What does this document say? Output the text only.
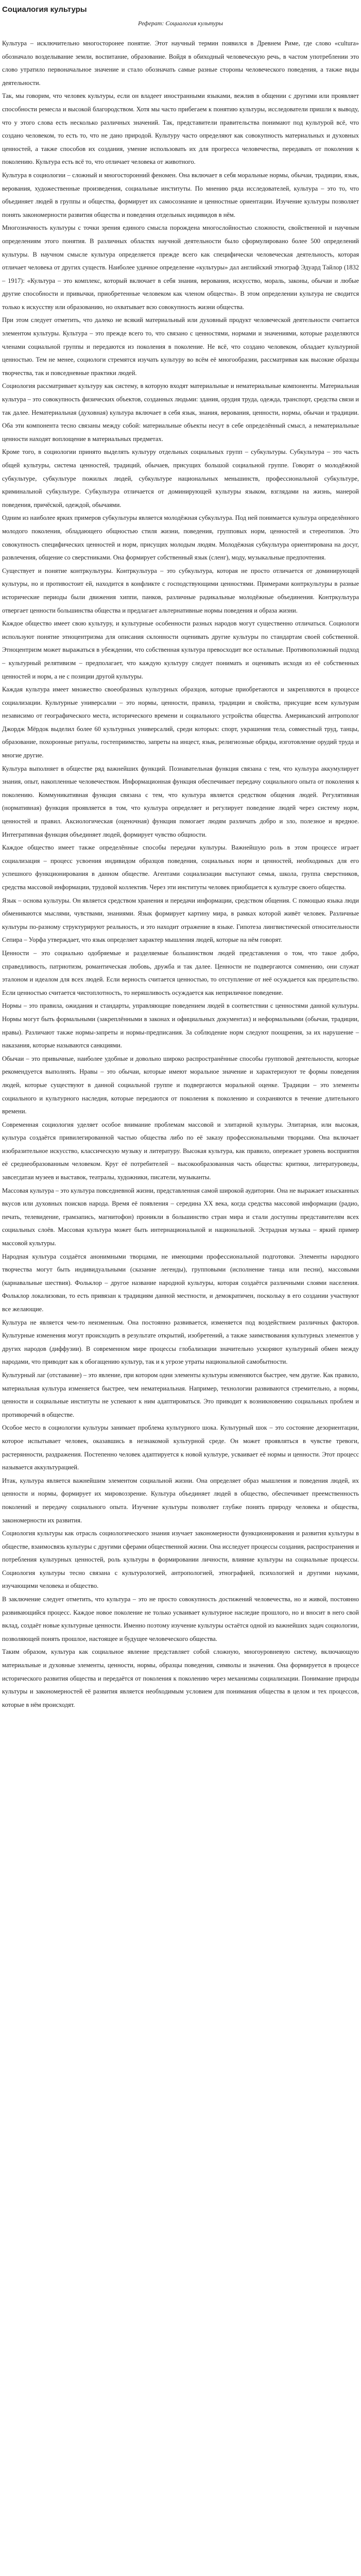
Социалогия культуры
Реферат: Социалогия культуры

Культура – исключительно многосторонее понятие. Этот научный термин появился в Древнем Риме, где слово «cultura» обозначало возделывание земли, воспитание, образование. Войдя в обиходный человеческую речь, в частом употреблении это слово утратило первоначальное значение и стало обозначать самые разные стороны человеческого поведения, а также виды деятельности.

Так, мы говорим, что человек культуры, если он владеет иностранными языками, вежлив в общении с другими или проявляет способности ремесла и высокой благородством. Хотя мы часто прибегаем к понятию культуры, исследователи пришли к выводу, что у этого слова есть несколько различных значений. Так, представители правительства понимают под культурой всё, что создано человеком, то есть то, что не дано природой. Культуру часто определяют как совокупность материальных и духовных ценностей, а также способов их создания, умение использовать их для прогресса человечества, передавать от поколения к поколению. Культура есть всё то, что отличает человека от животного.

Культура в социологии – сложный и многосторонний феномен. Она включает в себя моральные нормы, обычаи, традиции, язык, верования, художественные произведения, социальные институты. По мнению ряда исследователей, культура – это то, что объединяет людей в группы и общества, формирует их самосознание и ценностные ориентации. Изучение культуры позволяет понять закономерности развития общества и поведения отдельных индивидов в нём.

Многозначность культуры с точки зрения единого смысла порождена многослойностью сложности, свойственной и научным определениям этого понятия. В различных областях научной деятельности было сформулировано более 500 определений культуры. В научном смысле культура определяется прежде всего как специфически человеческая деятельность, которая отличает человека от других существ. Наиболее удачное определение «культуры» дал английский этнограф Эдуард Тайлор (1832 – 1917): «Культура – это комплекс, который включает в себя знания, верования, искусство, мораль, законы, обычаи и любые другие способности и привычки, приобретенные человеком как членом общества». В этом определении культура не сводится только к искусству или образованию, но охватывает всю совокупность жизни общества.

При этом следует отметить, что далеко не всякий материальный или духовный продукт человеческой деятельности считается элементом культуры. Культура – это прежде всего то, что связано с ценностями, нормами и значениями, которые разделяются членами социальной группы и передаются из поколения в поколение. Не всё, что создано человеком, обладает культурной ценностью. Тем не менее, социологи стремятся изучать культуру во всём её многообразии, рассматривая как высокие образцы творчества, так и повседневные практики людей.

Социология рассматривает культуру как систему, в которую входят материальные и нематериальные компоненты. Материальная культура – это совокупность физических объектов, созданных людьми: здания, орудия труда, одежда, транспорт, средства связи и так далее. Нематериальная (духовная) культура включает в себя язык, знания, верования, ценности, нормы, обычаи и традиции. Оба эти компонента тесно связаны между собой: материальные объекты несут в себе определённый смысл, а нематериальные ценности находят воплощение в материальных предметах.

Кроме того, в социологии принято выделять культуру отдельных социальных групп – субкультуры. Субкультура – это часть общей культуры, система ценностей, традиций, обычаев, присущих большой социальной группе. Говорят о молодёжной субкультуре, субкультуре пожилых людей, субкультуре национальных меньшинств, профессиональной субкультуре, криминальной субкультуре. Субкультура отличается от доминирующей культуры языком, взглядами на жизнь, манерой поведения, причёской, одеждой, обычаями.

Одним из наиболее ярких примеров субкультуры является молодёжная субкультура. Под ней понимается культура определённого молодого поколения, обладающего общностью стиля жизни, поведения, групповых норм, ценностей и стереотипов. Это совокупность специфических ценностей и норм, присущих молодым людям. Молодёжная субкультура ориентирована на досуг, развлечения, общение со сверстниками. Она формирует собственный язык (сленг), моду, музыкальные предпочтения.

Существует и понятие контркультуры. Контркультура – это субкультура, которая не просто отличается от доминирующей культуры, но и противостоит ей, находится в конфликте с господствующими ценностями. Примерами контркультуры в разные исторические периоды были движения хиппи, панков, различные радикальные молодёжные объединения. Контркультура отвергает ценности большинства общества и предлагает альтернативные нормы поведения и образа жизни.

Каждое общество имеет свою культуру, и культурные особенности разных народов могут существенно отличаться. Социологи используют понятие этноцентризма для описания склонности оценивать другие культуры по стандартам своей собственной. Этноцентризм может выражаться в убеждении, что собственная культура превосходит все остальные. Противоположный подход – культурный релятивизм – предполагает, что каждую культуру следует понимать и оценивать исходя из её собственных ценностей и норм, а не с позиции другой культуры.

Каждая культура имеет множество своеобразных культурных образцов, которые приобретаются и закрепляются в процессе социализации. Культурные универсалии – это нормы, ценности, правила, традиции и свойства, присущие всем культурам независимо от географического места, исторического времени и социального устройства общества. Американский антрополог Джордж Мёрдок выделил более 60 культурных универсалий, среди которых: спорт, украшения тела, совместный труд, танцы, образование, похоронные ритуалы, гостеприимство, запреты на инцест, язык, религиозные обряды, изготовление орудий труда и многие другие.

Культура выполняет в обществе ряд важнейших функций. Познавательная функция связана с тем, что культура аккумулирует знания, опыт, накопленные человечеством. Информационная функция обеспечивает передачу социального опыта от поколения к поколению. Коммуникативная функция связана с тем, что культура является средством общения людей. Регулятивная (нормативная) функция проявляется в том, что культура определяет и регулирует поведение людей через систему норм, ценностей и правил. Аксиологическая (оценочная) функция помогает людям различать добро и зло, полезное и вредное. Интегративная функция объединяет людей, формирует чувство общности.

Каждое общество имеет также определённые способы передачи культуры. Важнейшую роль в этом процессе играет социализация – процесс усвоения индивидом образцов поведения, социальных норм и ценностей, необходимых для его успешного функционирования в данном обществе. Агентами социализации выступают семья, школа, группа сверстников, средства массовой информации, трудовой коллектив. Через эти институты человек приобщается к культуре своего общества.

Язык – основа культуры. Он является средством хранения и передачи информации, средством общения. С помощью языка люди обмениваются мыслями, чувствами, знаниями. Язык формирует картину мира, в рамках которой живёт человек. Различные культуры по-разному структурируют реальность, и это находит отражение в языке. Гипотеза лингвистической относительности Сепира – Уорфа утверждает, что язык определяет характер мышления людей, которые на нём говорят.

Ценности – это социально одобряемые и разделяемые большинством людей представления о том, что такое добро, справедливость, патриотизм, романтическая любовь, дружба и так далее. Ценности не подвергаются сомнению, они служат эталоном и идеалом для всех людей. Если верность считается ценностью, то отступление от неё осуждается как предательство. Если ценностью считается чистоплотность, то неряшливость осуждается как неприличное поведение.

Нормы – это правила, ожидания и стандарты, управляющие поведением людей в соответствии с ценностями данной культуры. Нормы могут быть формальными (закреплёнными в законах и официальных документах) и неформальными (обычаи, традиции, нравы). Различают также нормы-запреты и нормы-предписания. За соблюдение норм следуют поощрения, за их нарушение – наказания, которые называются санкциями.

Обычаи – это привычные, наиболее удобные и довольно широко распространённые способы групповой деятельности, которые рекомендуется выполнять. Нравы – это обычаи, которые имеют моральное значение и характеризуют те формы поведения людей, которые существуют в данной социальной группе и подвергаются моральной оценке. Традиции – это элементы социального и культурного наследия, которые передаются от поколения к поколению и сохраняются в течение длительного времени.

Современная социология уделяет особое внимание проблемам массовой и элитарной культуры. Элитарная, или высокая, культура создаётся привилегированной частью общества либо по её заказу профессиональными творцами. Она включает изобразительное искусство, классическую музыку и литературу. Высокая культура, как правило, опережает уровень восприятия её среднеобразованным человеком. Круг её потребителей – высокообразованная часть общества: критики, литературоведы, завсегдатаи музеев и выставок, театралы, художники, писатели, музыканты.

Массовая культура – это культура повседневной жизни, представленная самой широкой аудитории. Она не выражает изысканных вкусов или духовных поисков народа. Время её появления – середина ХХ века, когда средства массовой информации (радио, печать, телевидение, грамзапись, магнитофон) проникли в большинство стран мира и стали доступны представителям всех социальных слоёв. Массовая культура может быть интернациональной и национальной. Эстрадная музыка – яркий пример массовой культуры.

Народная культура создаётся анонимными творцами, не имеющими профессиональной подготовки. Элементы народного творчества могут быть индивидуальными (сказание легенды), групповыми (исполнение танца или песни), массовыми (карнавальные шествия). Фольклор – другое название народной культуры, которая создаётся различными слоями населения. Фольклор локализован, то есть привязан к традициям данной местности, и демократичен, поскольку в его создании участвуют все желающие.

Культура не является чем-то неизменным. Она постоянно развивается, изменяется под воздействием различных факторов. Культурные изменения могут происходить в результате открытий, изобретений, а также заимствования культурных элементов у других народов (диффузии). В современном мире процессы глобализации значительно ускоряют культурный обмен между народами, что приводит как к обогащению культур, так и к угрозе утраты национальной самобытности.

Культурный лаг (отставание) – это явление, при котором одни элементы культуры изменяются быстрее, чем другие. Как правило, материальная культура изменяется быстрее, чем нематериальная. Например, технологии развиваются стремительно, а нормы, ценности и социальные институты не успевают к ним адаптироваться. Это приводит к возникновению социальных проблем и противоречий в обществе.

Особое место в социологии культуры занимает проблема культурного шока. Культурный шок – это состояние дезориентации, которое испытывает человек, оказавшись в незнакомой культурной среде. Он может проявляться в чувстве тревоги, растерянности, раздражения. Постепенно человек адаптируется к новой культуре, усваивает её нормы и ценности. Этот процесс называется аккультурацией.

Итак, культура является важнейшим элементом социальной жизни. Она определяет образ мышления и поведения людей, их ценности и нормы, формирует их мировоззрение. Культура объединяет людей в общество, обеспечивает преемственность поколений и передачу социального опыта. Изучение культуры позволяет глубже понять природу человека и общества, закономерности их развития.

Социология культуры как отрасль социологического знания изучает закономерности функционирования и развития культуры в обществе, взаимосвязь культуры с другими сферами общественной жизни. Она исследует процессы создания, распространения и потребления культурных ценностей, роль культуры в формировании личности, влияние культуры на социальные процессы. Социология культуры тесно связана с культурологией, антропологией, этнографией, психологией и другими науками, изучающими человека и общество.

В заключение следует отметить, что культура – это не просто совокупность достижений человечества, но и живой, постоянно развивающийся процесс. Каждое новое поколение не только усваивает культурное наследие прошлого, но и вносит в него свой вклад, создаёт новые культурные ценности. Именно поэтому изучение культуры остаётся одной из важнейших задач социологии, позволяющей понять прошлое, настоящее и будущее человеческого общества.

Таким образом, культура как социальное явление представляет собой сложную, многоуровневую систему, включающую материальные и духовные элементы, ценности, нормы, образцы поведения, символы и значения. Она формируется в процессе исторического развития общества и передаётся от поколения к поколению через механизмы социализации. Понимание природы культуры и закономерностей её развития является необходимым условием для понимания общества в целом и тех процессов, которые в нём происходят.
